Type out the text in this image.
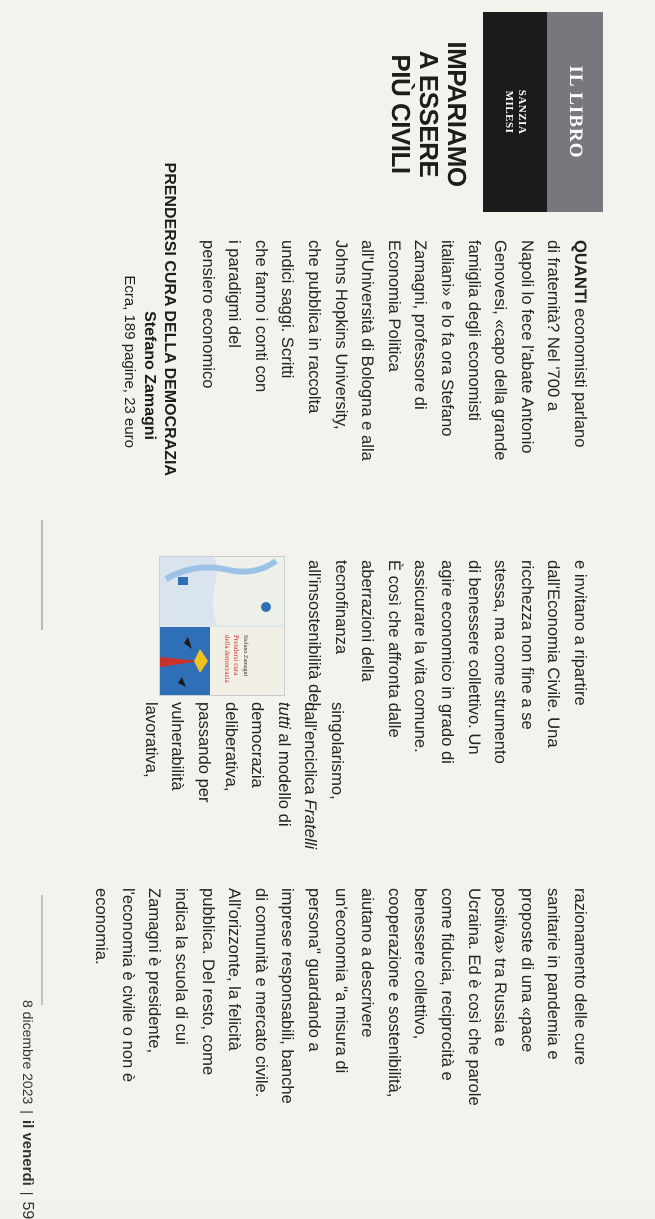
IL LIBRO
SANZIA
MILESI
IMPARIAMO
A ESSERE
PIÙ CIVILI
PRENDERSI CURA DELLA DEMOCRAZIA
Stefano Zamagni
Ecra, 189 pagine, 23 euro
QUANTI economisti parlano
di fraternità? Nel '700 a
Napoli lo fece l'abate Antonio
Genovesi, «capo della grande
famiglia degli economisti
italiani» e lo fa ora Stefano
Zamagni, professore di
Economia Politica
all'Università di Bologna e alla
Johns Hopkins University,
che pubblica in raccolta
undici saggi. Scritti
che fanno i conti con
i paradigmi del
pensiero economico
e invitano a ripartire
dall'Economia Civile. Una
ricchezza non fine a se
stessa, ma come strumento
di benessere collettivo. Un
agire economico in grado di
assicurare la vita comune.
È così che affronta dalle
aberrazioni della
tecnofinanza
all'insostenibilità del
singolarismo,
dall'enciclica Fratelli
tutti al modello di
democrazia
deliberativa,
passando per
vulnerabilità
lavorativa,
Stefano Zamagni
Prendersi cura
della democrazia
razionamento delle cure
sanitarie in pandemia e
proposte di una «pace
positiva» tra Russia e
Ucraina. Ed è così che parole
come fiducia, reciprocità e
benessere collettivo,
cooperazione e sostenibilità,
aiutano a descrivere
un'economia "a misura di
persona" guardando a
imprese responsabili, banche
di comunità e mercato civile.
All'orizzonte, la felicità
pubblica. Del resto, come
indica la scuola di cui
Zamagni è presidente,
l'economia è civile o non è
economia.
8 dicembre 2023|il venerdì|59
